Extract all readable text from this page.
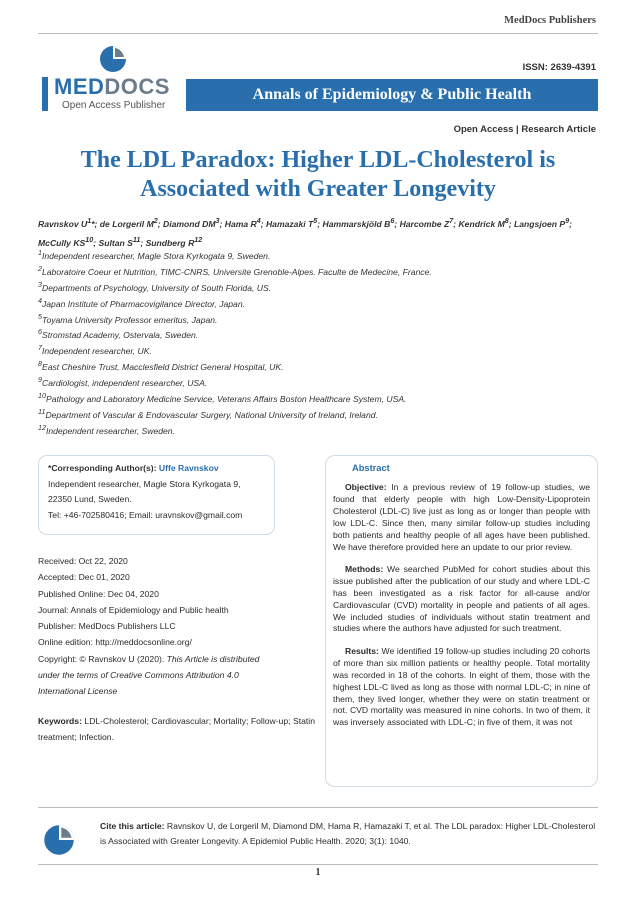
MedDocs Publishers
MEDDOCS
Open Access Publisher
ISSN: 2639-4391
Annals of Epidemiology & Public Health
Open Access | Research Article
The LDL Paradox: Higher LDL-Cholesterol is Associated with Greater Longevity
Ravnskov $U^1*$; de Lorgeril $M^2$; Diamond $DM^3$; Hama $R^4$; Hamazaki $T^5$; Hammarskjöld $B^6$; Harcombe $Z^7$; Kendrick $M^8$; Langsjoen $P^9$; McCully KS$^{10}$; Sultan $S^{11}$; Sundberg $R^{12}$
$^1$Independent researcher, Magle Stora Kyrkogata 9, Sweden.
$^2$Laboratoire Coeur et Nutrition, TIMC-CNRS, Universite Grenoble-Alpes. Faculte de Medecine, France.
$^3$Departments of Psychology, University of South Florida, US.
$^4$Japan Institute of Pharmacovigilance Director, Japan.
$^5$Toyama University Professor emeritus, Japan.
$^6$Stromstad Academy, Ostervala, Sweden.
$^7$Independent researcher, UK.
$^8$East Cheshire Trust, Macclesfield District General Hospital, UK.
$^9$Cardiologist, independent researcher, USA.
$^{10}$Pathology and Laboratory Medicine Service, Veterans Affairs Boston Healthcare System, USA.
$^{11}$Department of Vascular & Endovascular Surgery, National University of Ireland, Ireland.
$^{12}$Independent researcher, Sweden.
*Corresponding Author(s): Uffe Ravnskov
Independent researcher, Magle Stora Kyrkogata 9,
22350 Lund, Sweden.
Tel: +46-702580416; Email: uravnskov@gmail.com
Received: Oct 22, 2020
Accepted: Dec 01, 2020
Published Online: Dec 04, 2020
Journal: Annals of Epidemiology and Public health
Publisher: MedDocs Publishers LLC
Online edition: http://meddocsonline.org/
Copyright: © Ravnskov U (2020). This Article is distributed under the terms of Creative Commons Attribution 4.0 International License
Keywords: LDL-Cholesterol; Cardiovascular; Mortality; Follow-up; Statin treatment; Infection.
Abstract

Objective: In a previous review of 19 follow-up studies, we found that elderly people with high Low-Density-Lipoprotein Cholesterol (LDL-C) live just as long as or longer than people with low LDL-C. Since then, many similar follow-up studies including both patients and healthy people of all ages have been published. We have therefore provided here an update to our prior review.

Methods: We searched PubMed for cohort studies about this issue published after the publication of our study and where LDL-C has been investigated as a risk factor for all-cause and/or Cardiovascular (CVD) mortality in people and patients of all ages. We included studies of individuals without statin treatment and studies where the authors have adjusted for such treatment.

Results: We identified 19 follow-up studies including 20 cohorts of more than six million patients or healthy people. Total mortality was recorded in 18 of the cohorts. In eight of them, those with the highest LDL-C lived as long as those with normal LDL-C; in nine of them, they lived longer, whether they were on statin treatment or not. CVD mortality was measured in nine cohorts. In two of them, it was inversely associated with LDL-C; in five of them, it was not

Cite this article: Ravnskov U, de Lorgeril M, Diamond DM, Hama R, Hamazaki T, et al. The LDL paradox: Higher LDL-Cholesterol is Associated with Greater Longevity. A Epidemiol Public Health. 2020; 3(1): 1040.
1
